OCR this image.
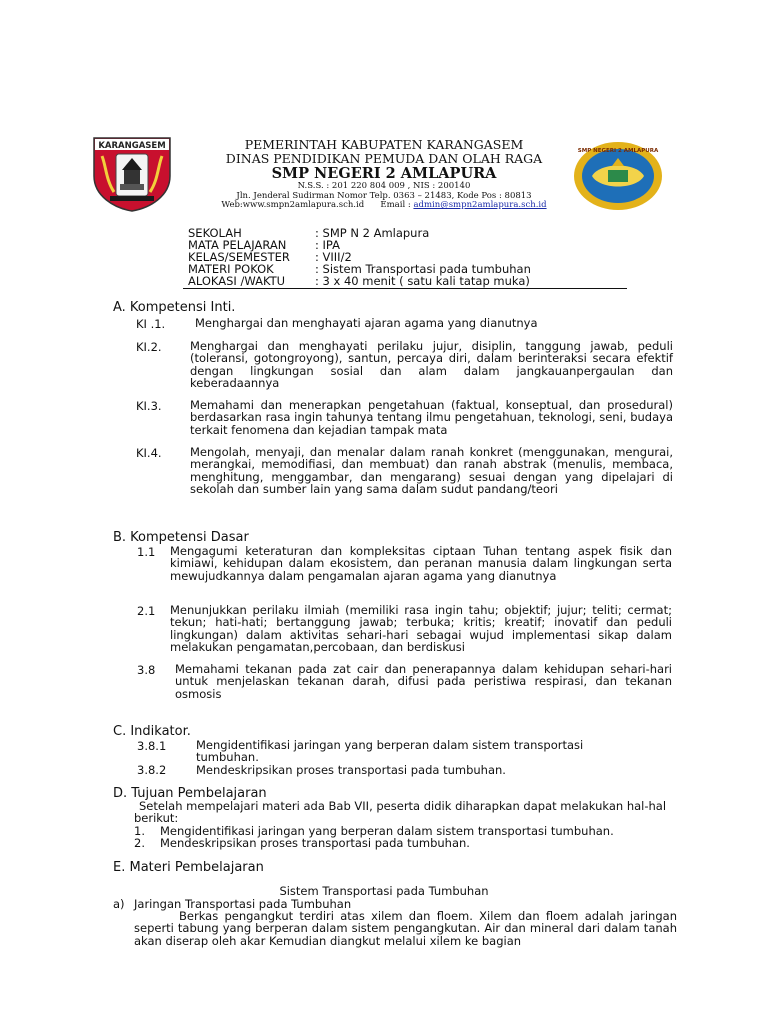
KARANGASEM	PEMERINTAH KABUPATEN KARANGASEM
DINAS PENDIDIKAN PEMUDA DAN OLAH RAGA
SMP NEGERI 2 AMLAPURA
N.S.S. : 201 220 804 009 , NIS : 200140
Jln. Jenderal Sudirman Nomor Telp. 0363 – 21483, Kode Pos : 80813
Web:www.smpn2amlapura.sch.id Email : admin@smpn2amlapura.sch.id
SMP NEGERI 2 AMLAPURA
SEKOLAH	: SMP N 2 Amlapura
MATA PELAJARAN : IPA
KELAS/SEMESTER : VIII/2
MATERI POKOK	: Sistem Transportasi pada tumbuhan
ALOKASI /WAKTU	: 3 x 40 menit ( satu kali tatap muka)
A. Kompetensi Inti.
KI .1.	Menghargai dan menghayati ajaran agama yang dianutnya
KI.2. Menghargai dan menghayati perilaku jujur, disiplin, tanggung jawab, peduli (toleransi, gotongroyong), santun, percaya diri, dalam berinteraksi secara efektif dengan lingkungan sosial dan alam dalam jangkauanpergaulan dan keberadaannya
KI.3. Memahami dan menerapkan pengetahuan (faktual, konseptual, dan prosedural) berdasarkan rasa ingin tahunya tentang ilmu pengetahuan, teknologi, seni, budaya terkait fenomena dan kejadian tampak mata
KI.4. Mengolah, menyaji, dan menalar dalam ranah konkret (menggunakan, mengurai, merangkai, memodifiasi, dan membuat) dan ranah abstrak (menulis, membaca, menghitung, menggambar, dan mengarang) sesuai dengan yang dipelajari di sekolah dan sumber lain yang sama dalam sudut pandang/teori
B. Kompetensi Dasar
1.1 Mengagumi keteraturan dan kompleksitas ciptaan Tuhan tentang aspek fisik dan kimiawi, kehidupan dalam ekosistem, dan peranan manusia dalam lingkungan serta mewujudkannya dalam pengamalan ajaran agama yang dianutnya
2.1 Menunjukkan perilaku ilmiah (memiliki rasa ingin tahu; objektif; jujur; teliti; cermat; tekun; hati-hati; bertanggung jawab; terbuka; kritis; kreatif; inovatif dan peduli lingkungan) dalam aktivitas sehari-hari sebagai wujud implementasi sikap dalam melakukan pengamatan,percobaan, dan berdiskusi
3.8 Memahami tekanan pada zat cair dan penerapannya dalam kehidupan sehari-hari untuk menjelaskan tekanan darah, difusi pada peristiwa respirasi, dan tekanan osmosis
C. Indikator.
3.8.1	Mengidentifikasi jaringan yang berperan dalam sistem transportasi tumbuhan.
3.8.2	Mendeskripsikan proses transportasi pada tumbuhan.
D. Tujuan Pembelajaran
Setelah mempelajari materi ada Bab VII, peserta didik diharapkan dapat melakukan hal-hal berikut:
1. Mengidentifikasi jaringan yang berperan dalam sistem transportasi tumbuhan.
2. Mendeskripsikan proses transportasi pada tumbuhan.
E. Materi Pembelajaran
Sistem Transportasi pada Tumbuhan
a) Jaringan Transportasi pada Tumbuhan
Berkas pengangkut terdiri atas xilem dan floem. Xilem dan floem adalah jaringan seperti tabung yang berperan dalam sistem pengangkutan. Air dan mineral dari dalam tanah akan diserap oleh akar Kemudian diangkut melalui xilem ke bagian
